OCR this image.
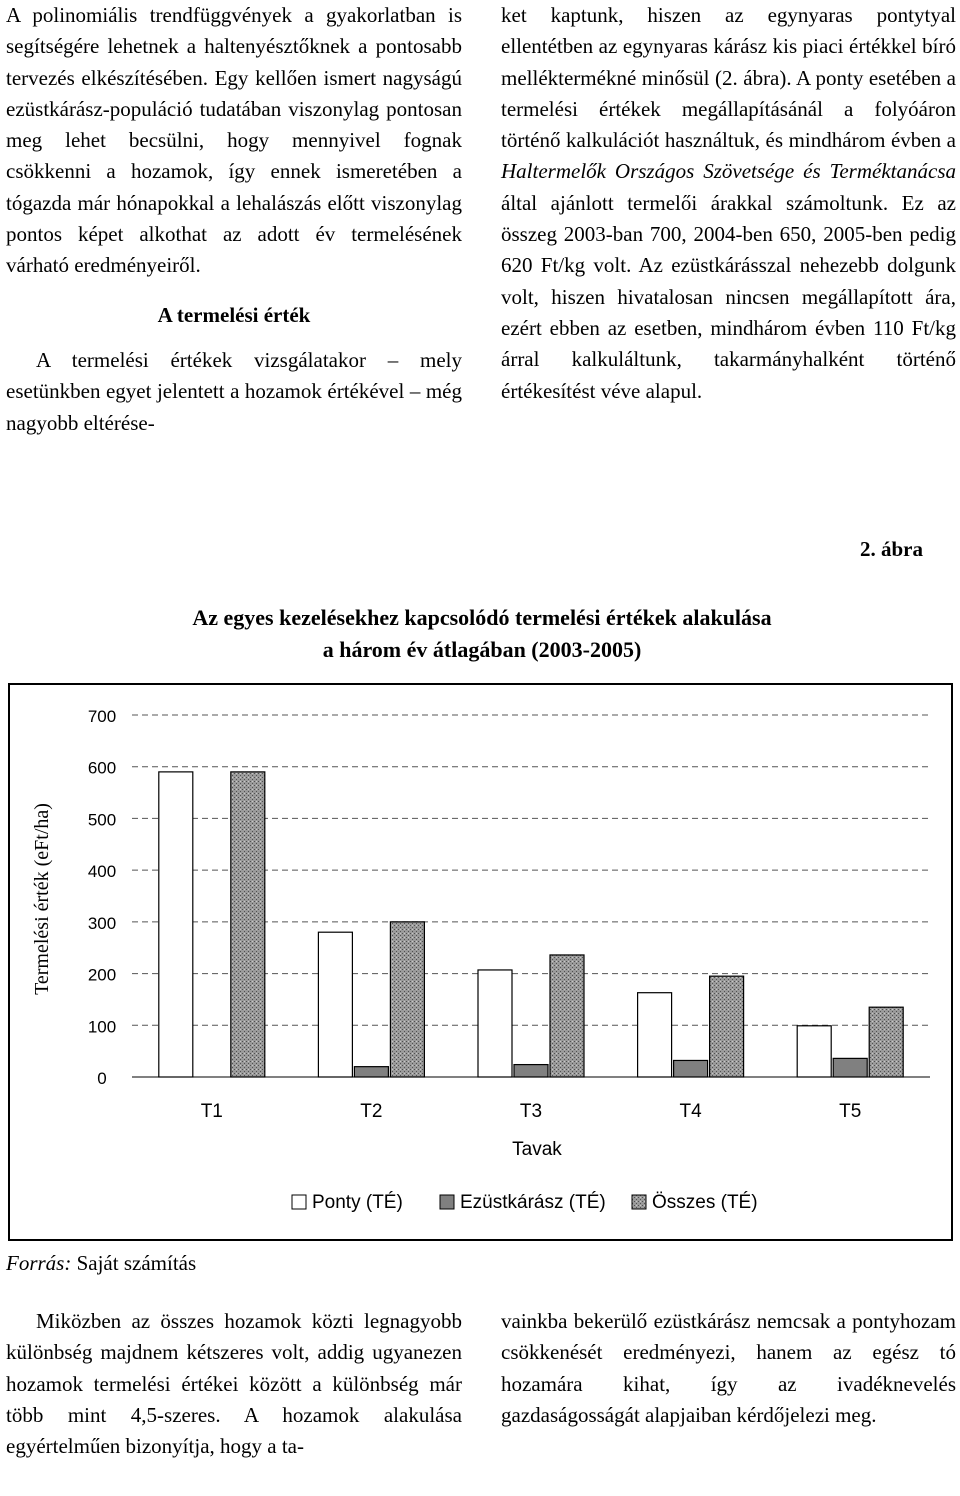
A polinomiális trendfüggvények a gyakorlatban is segítségére lehetnek a haltenyésztőknek a pontosabb tervezés elkészítésében. Egy kellően ismert nagyságú ezüstkárász-populáció tudatában viszonylag pontosan meg lehet becsülni, hogy mennyivel fognak csökkenni a hozamok, így ennek ismeretében a tógazda már hónapokkal a lehalászás előtt viszonylag pontos képet alkothat az adott év termelésének várható eredményeiről.

A termelési érték

A termelési értékek vizsgálatakor – mely esetünkben egyet jelentett a hozamok értékével – még nagyobb eltérése-

ket kaptunk, hiszen az egynyaras pontytyal ellentétben az egynyaras kárász kis piaci értékkel bíró melléktermékné minősül (2. ábra). A ponty esetében a termelési értékek megállapításánál a folyóáron történő kalkulációt használtuk, és mindhárom évben a Haltermelők Országos Szövetsége és Terméktanácsa által ajánlott termelői árakkal számoltunk. Ez az összeg 2003-ban 700, 2004-ben 650, 2005-ben pedig 620 Ft/kg volt. Az ezüstkárásszal nehezebb dolgunk volt, hiszen hivatalosan nincsen megállapított ára, ezért ebben az esetben, mindhárom évben 110 Ft/kg árral kalkuláltunk, takarmányhalként történő értékesítést véve alapul.

2. ábra
Az egyes kezelésekhez kapcsolódó termelési értékek alakulása
a három év átlagában (2003-2005)
0
100
200
300
400
500
600
700
T1	T2	T3	T4	T5
Tavak
Termelési érték (eFt/ha)
Ponty (TÉ)	Ezüstkárász (TÉ) Összes (TÉ)
Forrás: Saját számítás

Miközben az összes hozamok közti legnagyobb különbség majdnem kétszeres volt, addig ugyanezen hozamok termelési értékei között a különbség már több mint 4,5-szeres. A hozamok alakulása egyértelműen bizonyítja, hogy a ta-

vainkba bekerülő ezüstkárász nemcsak a pontyhozam csökkenését eredményezi, hanem az egész tó hozamára kihat, így az ivadéknevelés gazdaságosságát alapjaiban kérdőjelezi meg.
